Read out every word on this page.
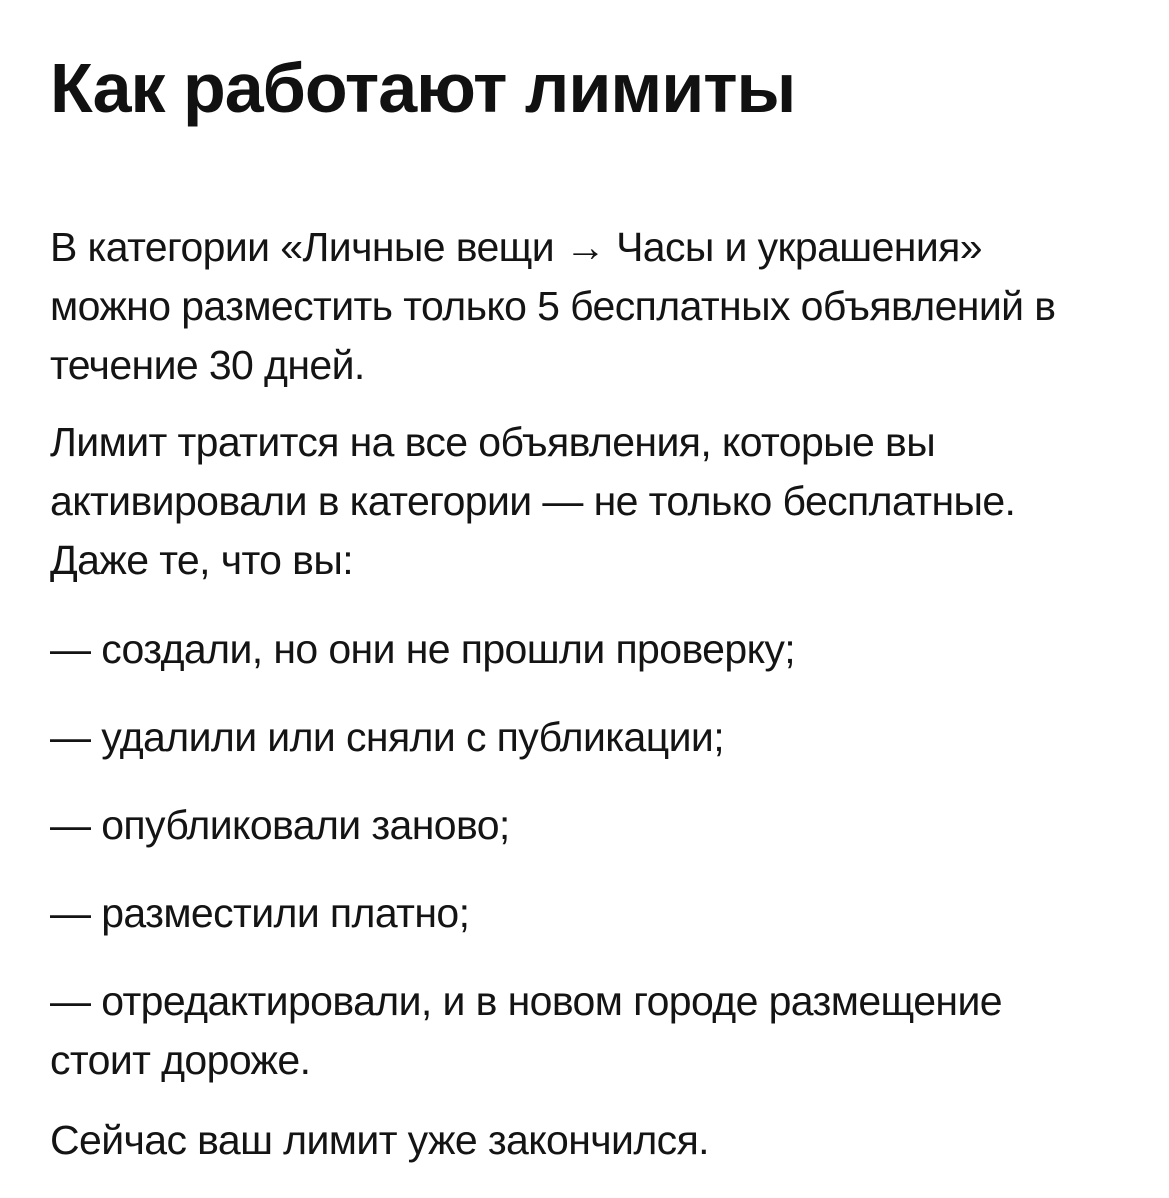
Как работают лимиты

В категории «Личные вещи → Часы и украшения» можно разместить только 5 бесплатных объявлений в течение 30 дней.

Лимит тратится на все объявления, которые вы активировали в категории — не только бесплатные. Даже те, что вы:

— создали, но они не прошли проверку;

— удалили или сняли с публикации;

— опубликовали заново;

— разместили платно;

— отредактировали, и в новом городе размещение стоит дороже.

Сейчас ваш лимит уже закончился.
